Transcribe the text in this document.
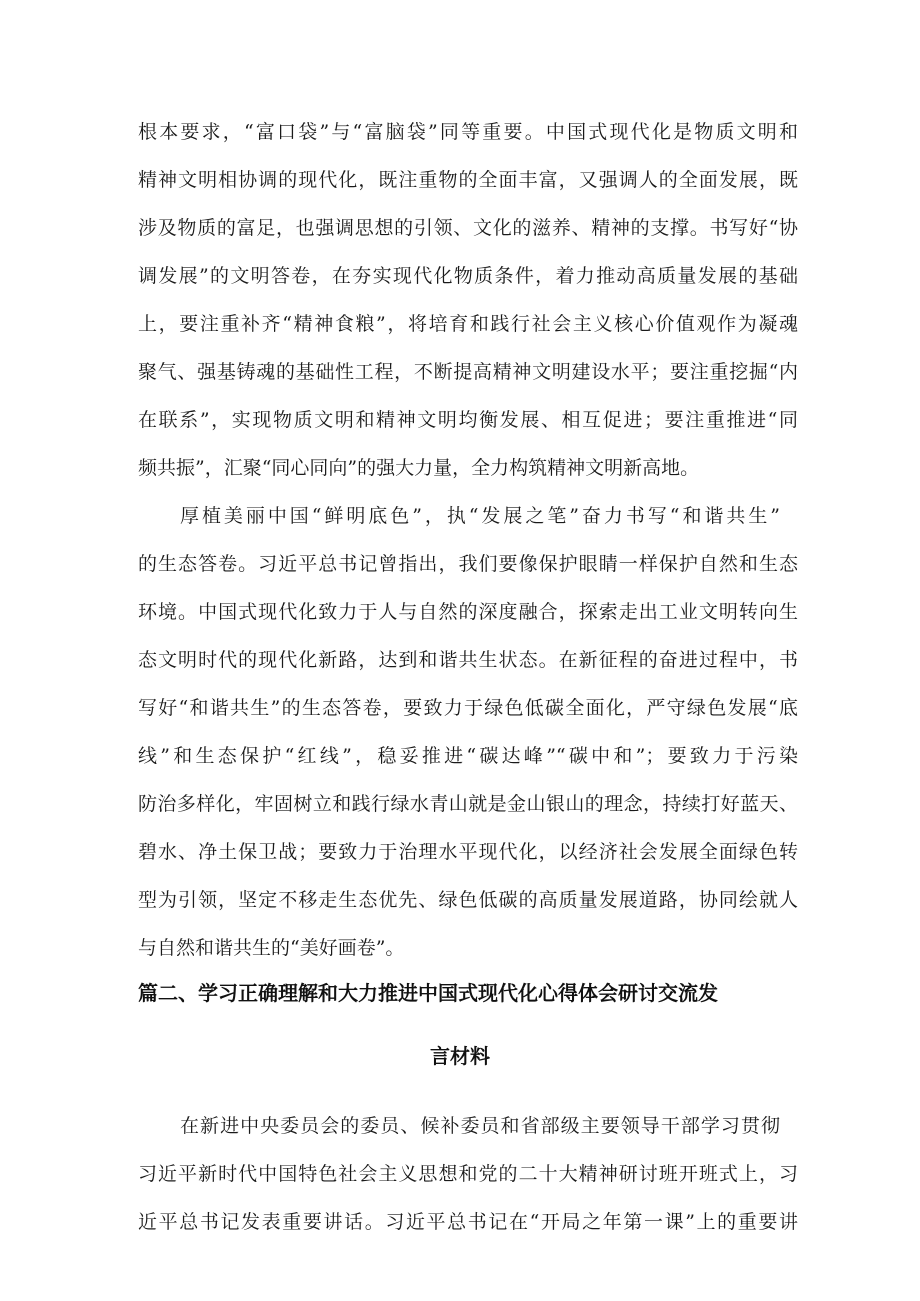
根本要求，“富口袋”与“富脑袋”同等重要。中国式现代化是物质文明和
精神文明相协调的现代化，既注重物的全面丰富，又强调人的全面发展，既
涉及物质的富足，也强调思想的引领、文化的滋养、精神的支撑。书写好“协
调发展”的文明答卷，在夯实现代化物质条件，着力推动高质量发展的基础
上，要注重补齐“精神食粮”，将培育和践行社会主义核心价值观作为凝魂
聚气、强基铸魂的基础性工程，不断提高精神文明建设水平；要注重挖掘“内
在联系”，实现物质文明和精神文明均衡发展、相互促进；要注重推进“同
频共振”，汇聚“同心同向”的强大力量，全力构筑精神文明新高地。
厚植美丽中国“鲜明底色”，执“发展之笔”奋力书写“和谐共生”
的生态答卷。习近平总书记曾指出，我们要像保护眼睛一样保护自然和生态
环境。中国式现代化致力于人与自然的深度融合，探索走出工业文明转向生
态文明时代的现代化新路，达到和谐共生状态。在新征程的奋进过程中，书
写好“和谐共生”的生态答卷，要致力于绿色低碳全面化，严守绿色发展“底
线”和生态保护“红线”，稳妥推进“碳达峰”“碳中和”；要致力于污染
防治多样化，牢固树立和践行绿水青山就是金山银山的理念，持续打好蓝天、
碧水、净土保卫战；要致力于治理水平现代化，以经济社会发展全面绿色转
型为引领，坚定不移走生态优先、绿色低碳的高质量发展道路，协同绘就人
与自然和谐共生的“美好画卷”。
篇二、学习正确理解和大力推进中国式现代化心得体会研讨交流发
言材料
在新进中央委员会的委员、候补委员和省部级主要领导干部学习贯彻
习近平新时代中国特色社会主义思想和党的二十大精神研讨班开班式上，习
近平总书记发表重要讲话。习近平总书记在“开局之年第一课”上的重要讲
